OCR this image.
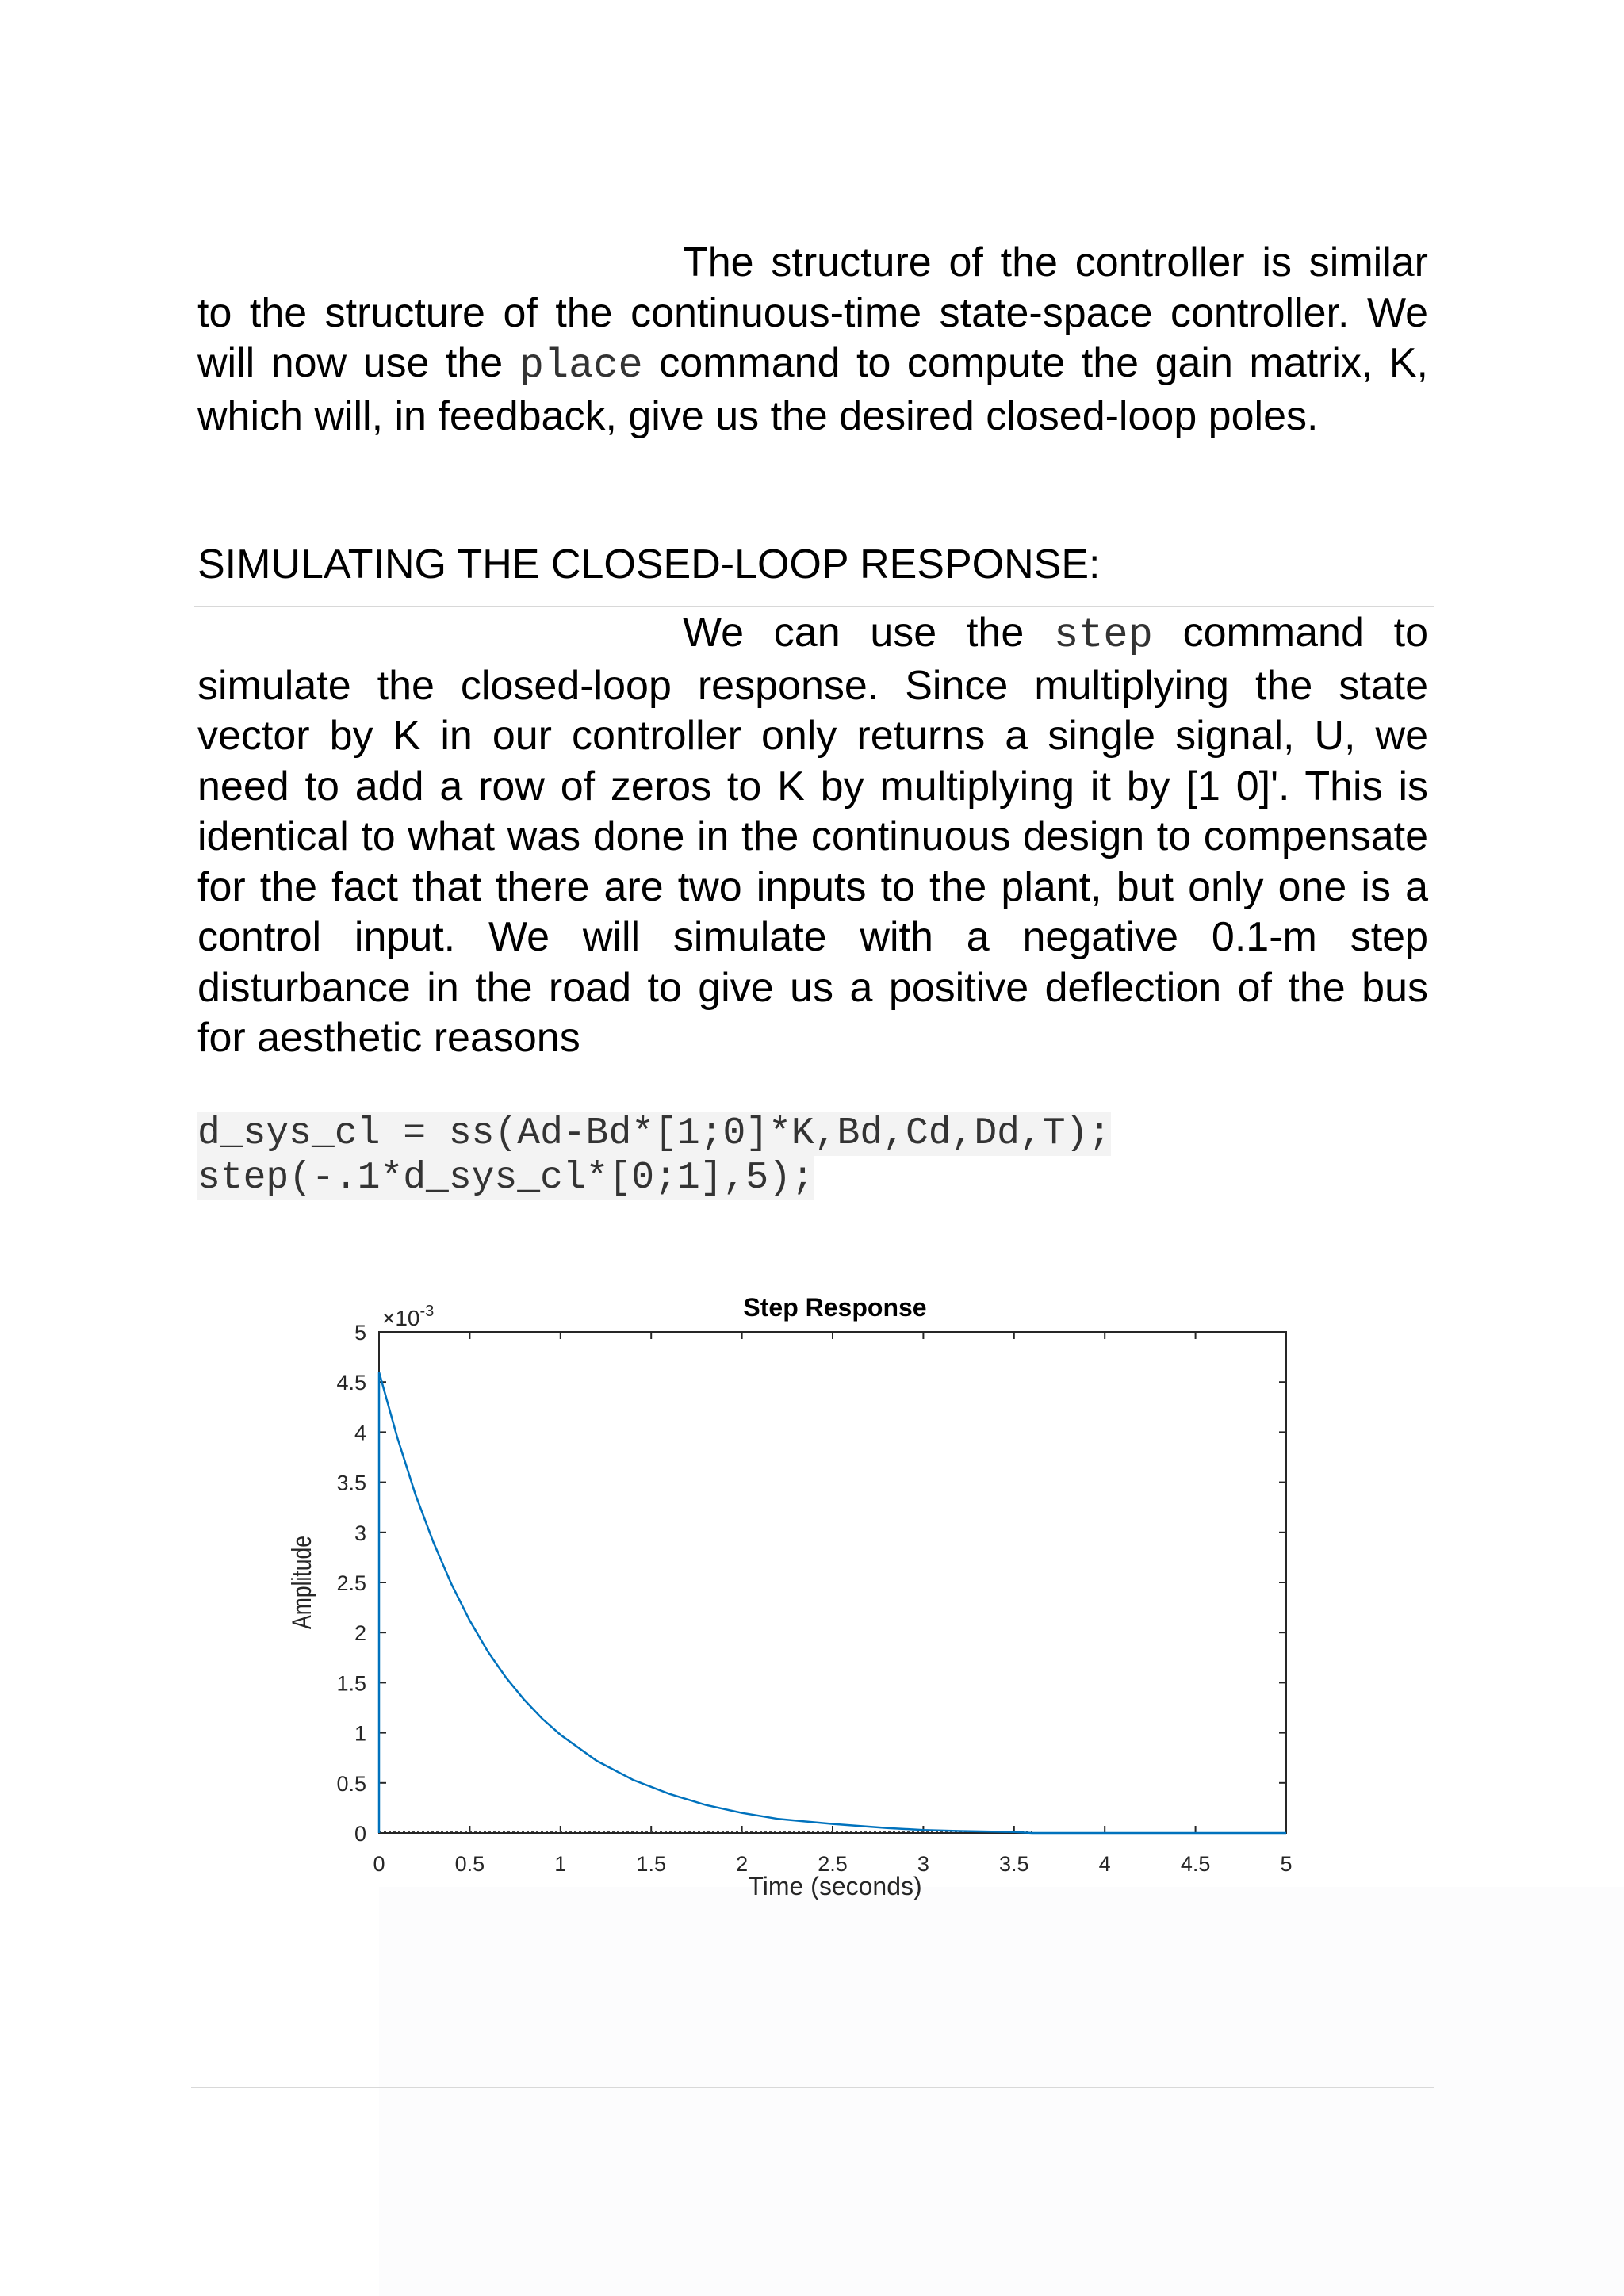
The structure of the controller is similar to the structure of the continuous-time state-space controller. We will now use the place command to compute the gain matrix, K, which will, in feedback, give us the desired closed-loop poles.

SIMULATING THE CLOSED-LOOP RESPONSE:

We can use the step command to simulate the closed-loop response. Since multiplying the state vector by K in our controller only returns a single signal, U, we need to add a row of zeros to K by multiplying it by [1 0]'. This is identical to what was done in the continuous design to compensate for the fact that there are two inputs to the plant, but only one is a control input. We will simulate with a negative 0.1-m step disturbance in the road to give us a positive deflection of the bus for aesthetic reasons

d_sys_cl = ss(Ad-Bd*[1;0]*K,Bd,Cd,Dd,T);
step(-.1*d_sys_cl*[0;1],5);
0	0.5	1	1.5	2	2.5	3	3.5	4	4.5	5
0
0.5
1
1.5
2
2.5
3
3.5
4
4.5
5
$\times 10^{-3}$	Step Response
Time (seconds)
Amplitude
